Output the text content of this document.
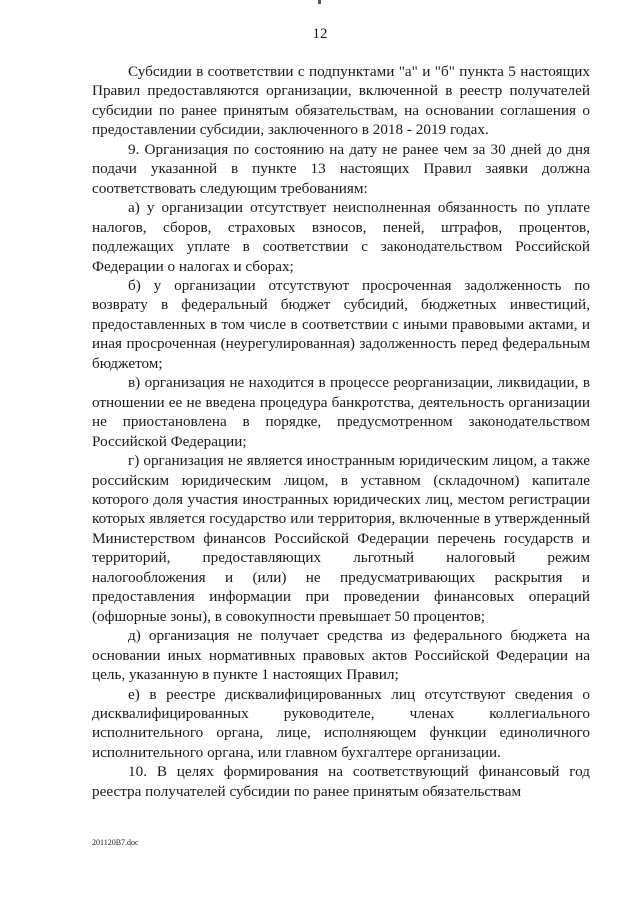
12

Субсидии в соответствии с подпунктами "а" и "б" пункта 5 настоящих Правил предоставляются организации, включенной в реестр получателей субсидии по ранее принятым обязательствам, на основании соглашения о предоставлении субсидии, заключенного в 2018 - 2019 годах.

9. Организация по состоянию на дату не ранее чем за 30 дней до дня подачи указанной в пункте 13 настоящих Правил заявки должна соответствовать следующим требованиям:

а) у организации отсутствует неисполненная обязанность по уплате налогов, сборов, страховых взносов, пеней, штрафов, процентов, подлежащих уплате в соответствии с законодательством Российской Федерации о налогах и сборах;

б) у организации отсутствуют просроченная задолженность по возврату в федеральный бюджет субсидий, бюджетных инвестиций, предоставленных в том числе в соответствии с иными правовыми актами, и иная просроченная (неурегулированная) задолженность перед федеральным бюджетом;

в) организация не находится в процессе реорганизации, ликвидации, в отношении ее не введена процедура банкротства, деятельность организации не приостановлена в порядке, предусмотренном законодательством Российской Федерации;

г) организация не является иностранным юридическим лицом, а также российским юридическим лицом, в уставном (складочном) капитале которого доля участия иностранных юридических лиц, местом регистрации которых является государство или территория, включенные в утвержденный Министерством финансов Российской Федерации перечень государств и территорий, предоставляющих льготный налоговый режим налогообложения и (или) не предусматривающих раскрытия и предоставления информации при проведении финансовых операций (офшорные зоны), в совокупности превышает 50 процентов;

д) организация не получает средства из федерального бюджета на основании иных нормативных правовых актов Российской Федерации на цель, указанную в пункте 1 настоящих Правил;

е) в реестре дисквалифицированных лиц отсутствуют сведения о дисквалифицированных руководителе, членах коллегиального исполнительного органа, лице, исполняющем функции единоличного исполнительного органа, или главном бухгалтере организации.

10. В целях формирования на соответствующий финансовый год реестра получателей субсидии по ранее принятым обязательствам

201120В7.doc
